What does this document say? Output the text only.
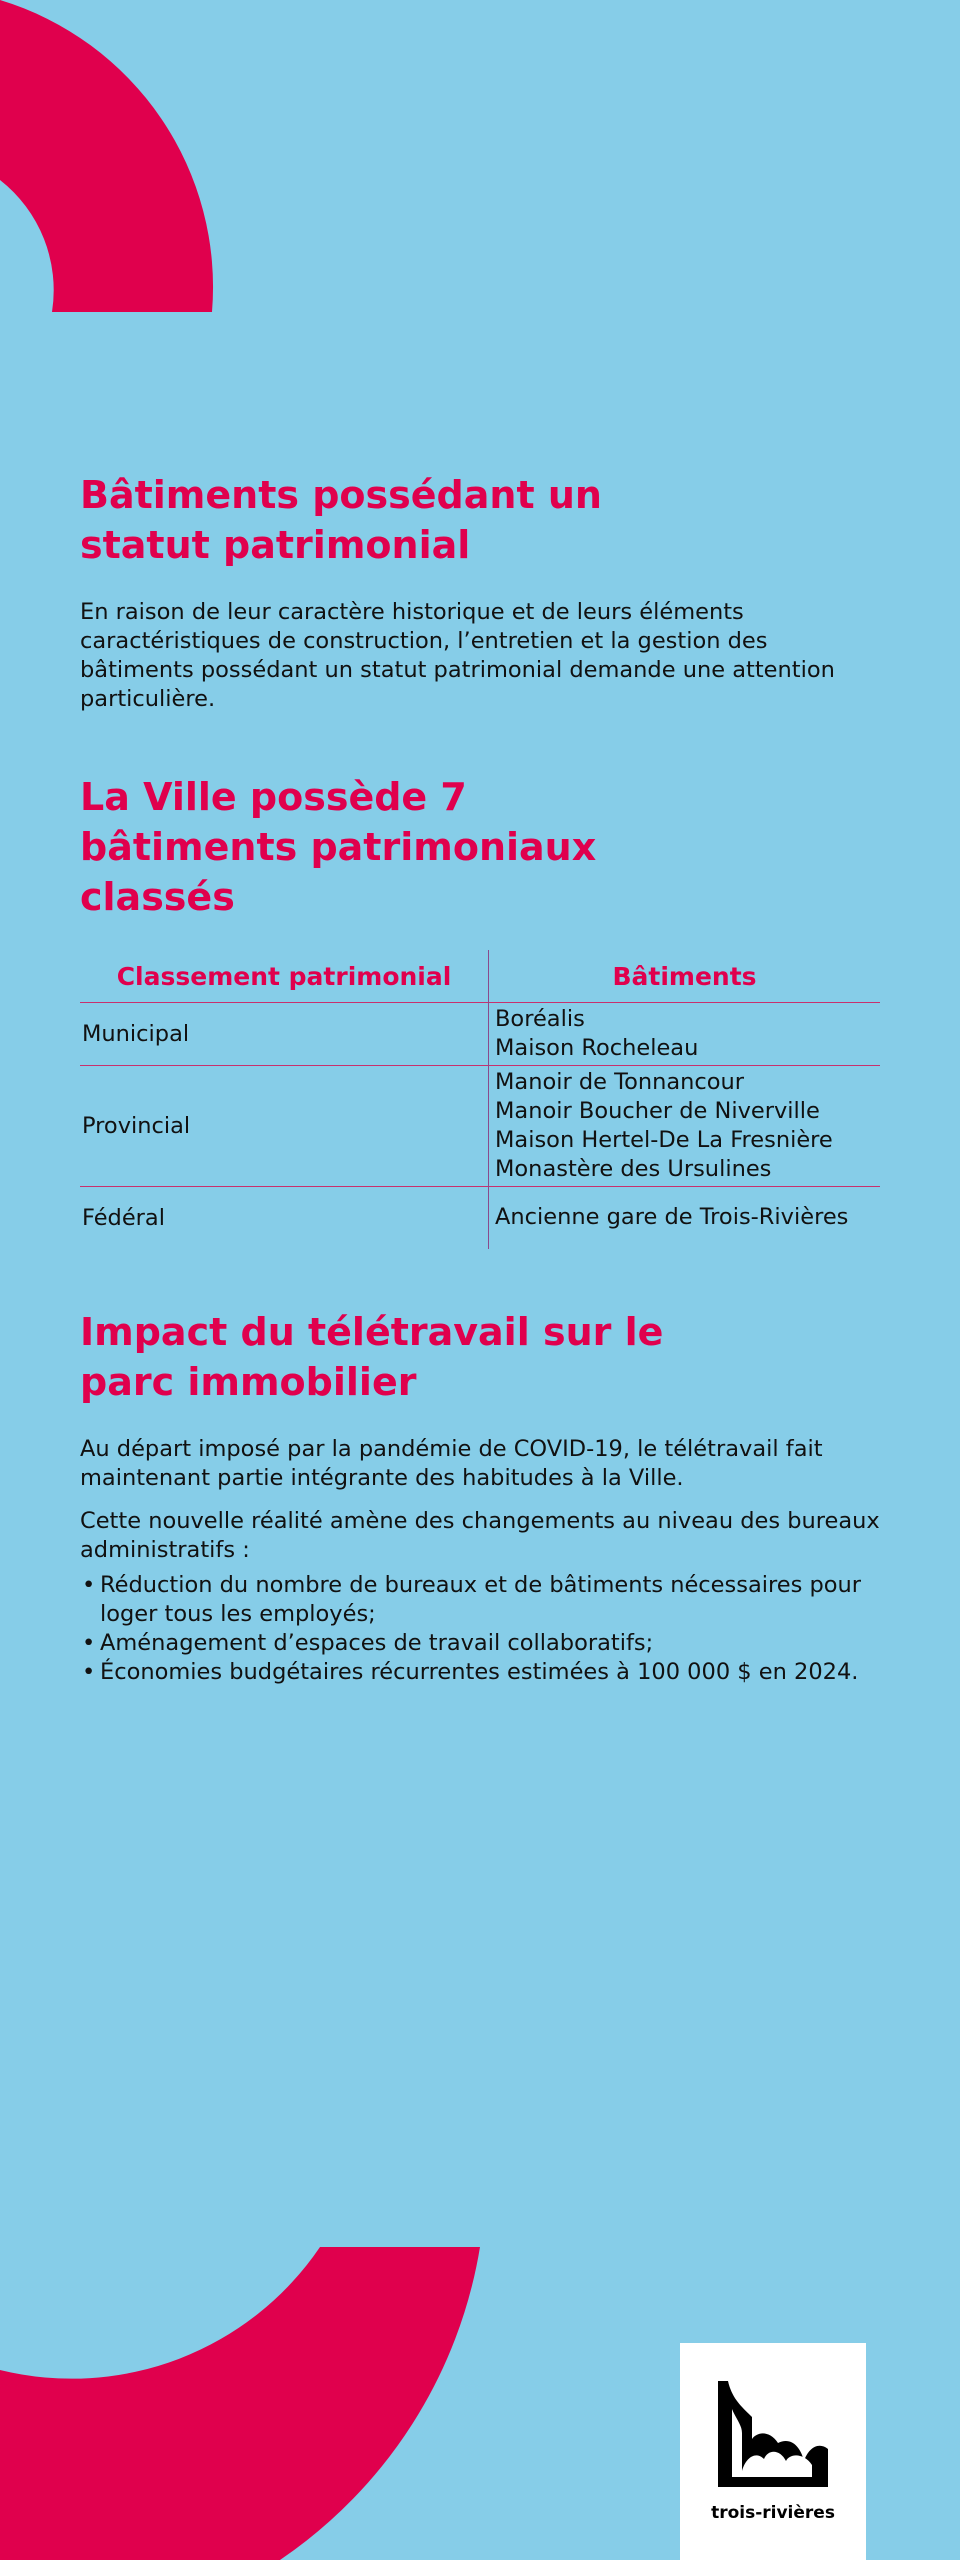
Bâtiments possédant un statut patrimonial

En raison de leur caractère historique et de leurs éléments caractéristiques de construction, l’entretien et la gestion des bâtiments possédant un statut patrimonial demande une attention particulière.

La Ville possède 7 bâtiments patrimoniaux classés
Classement patrimonial	Bâtiments
Municipal	Boréalis
Maison Rocheleau

Provincial	Manoir de Tonnancour
Manoir Boucher de Niverville
Maison Hertel-De La Fresnière
Monastère des Ursulines

Fédéral	Ancienne gare de Trois-Rivières
Impact du télétravail sur le parc immobilier

Au départ imposé par la pandémie de COVID-19, le télétravail fait maintenant partie intégrante des habitudes à la Ville.

Cette nouvelle réalité amène des changements au niveau des bureaux administratifs :

• Réduction du nombre de bureaux et de bâtiments nécessaires pour loger tous les employés;
• Aménagement d’espaces de travail collaboratifs;
• Économies budgétaires récurrentes estimées à 100 000 $ en 2024.
trois-rivières
